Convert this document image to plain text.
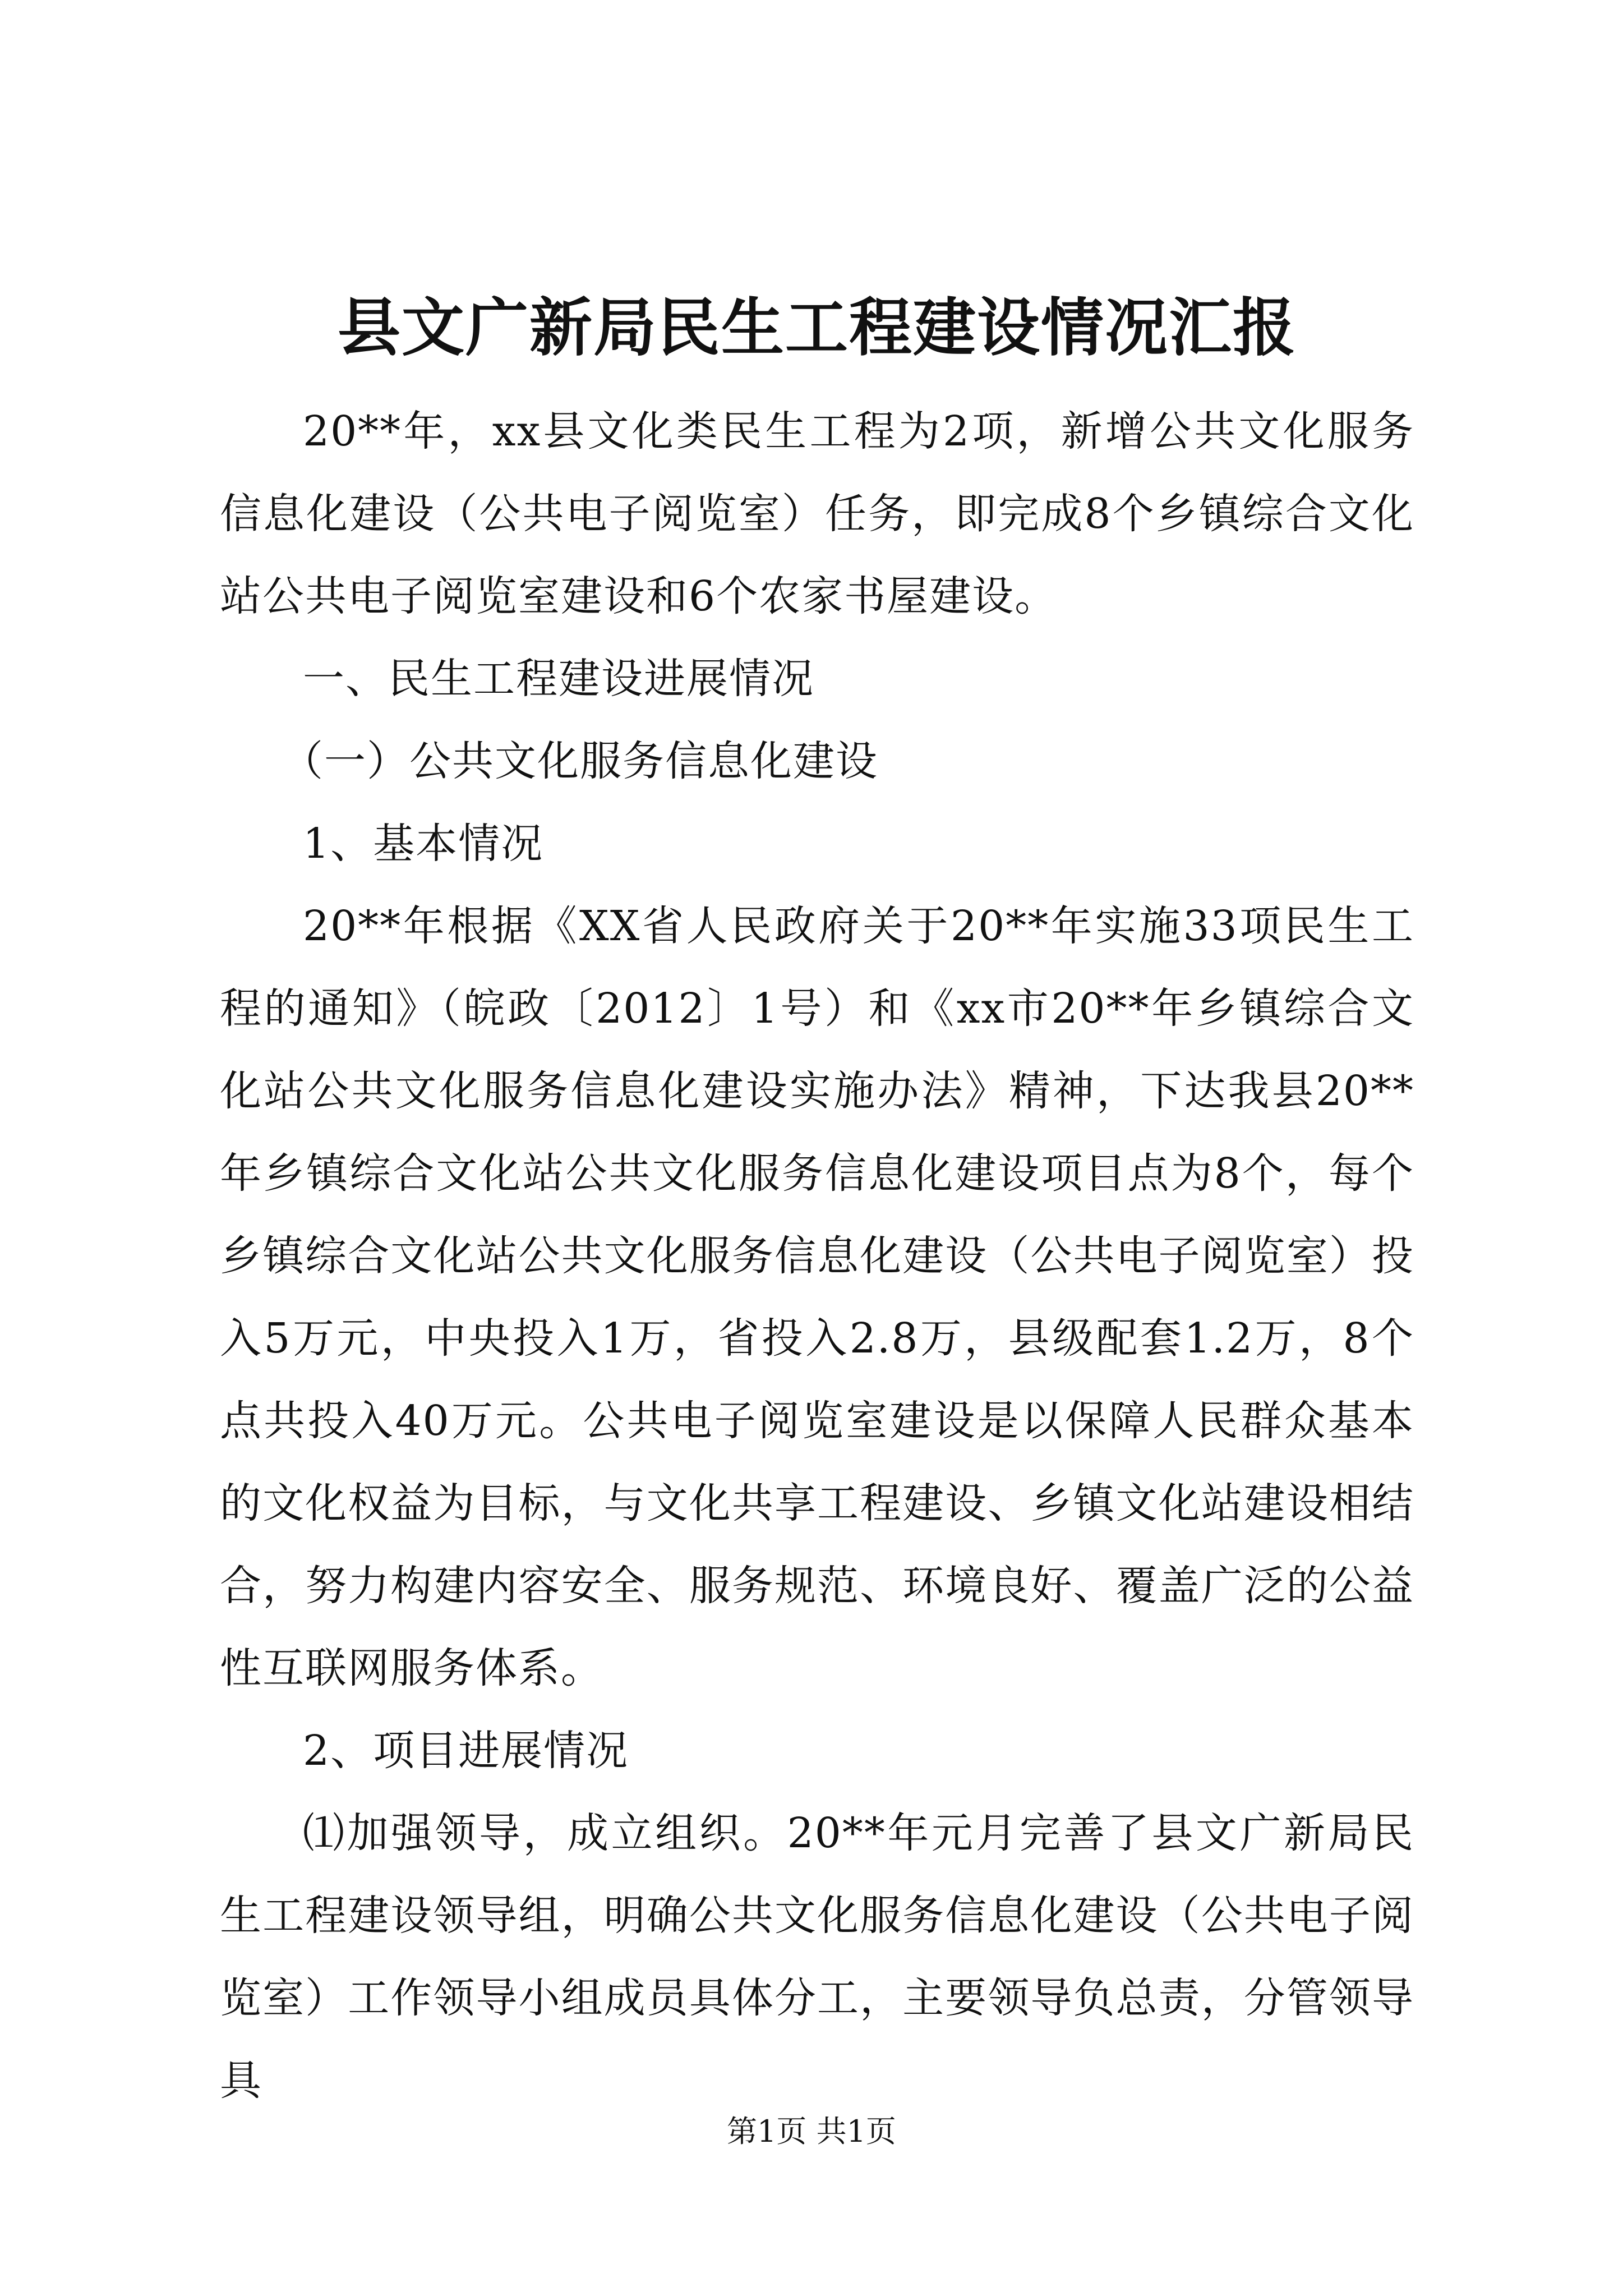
县文广新局民生工程建设情况汇报

20**年，xx县文化类民生工程为2项，新增公共文化服务信息化建设（公共电子阅览室）任务，即完成8个乡镇综合文化站公共电子阅览室建设和6个农家书屋建设。

一、民生工程建设进展情况

（一）公共文化服务信息化建设

1、基本情况

20**年根据《XX省人民政府关于20**年实施33项民生工程的通知》（皖政〔2012〕1号）和《xx市20**年乡镇综合文化站公共文化服务信息化建设实施办法》精神，下达我县20**年乡镇综合文化站公共文化服务信息化建设项目点为8个，每个乡镇综合文化站公共文化服务信息化建设（公共电子阅览室）投入5万元，中央投入1万，省投入2.8万，县级配套1.2万，8个点共投入40万元。公共电子阅览室建设是以保障人民群众基本的文化权益为目标，与文化共享工程建设、乡镇文化站建设相结合，努力构建内容安全、服务规范、环境良好、覆盖广泛的公益性互联网服务体系。

2、项目进展情况

⑴加强领导，成立组织。20**年元月完善了县文广新局民生工程建设领导组，明确公共文化服务信息化建设（公共电子阅览室）工作领导小组成员具体分工，主要领导负总责，分管领导具

第1页 共1页
